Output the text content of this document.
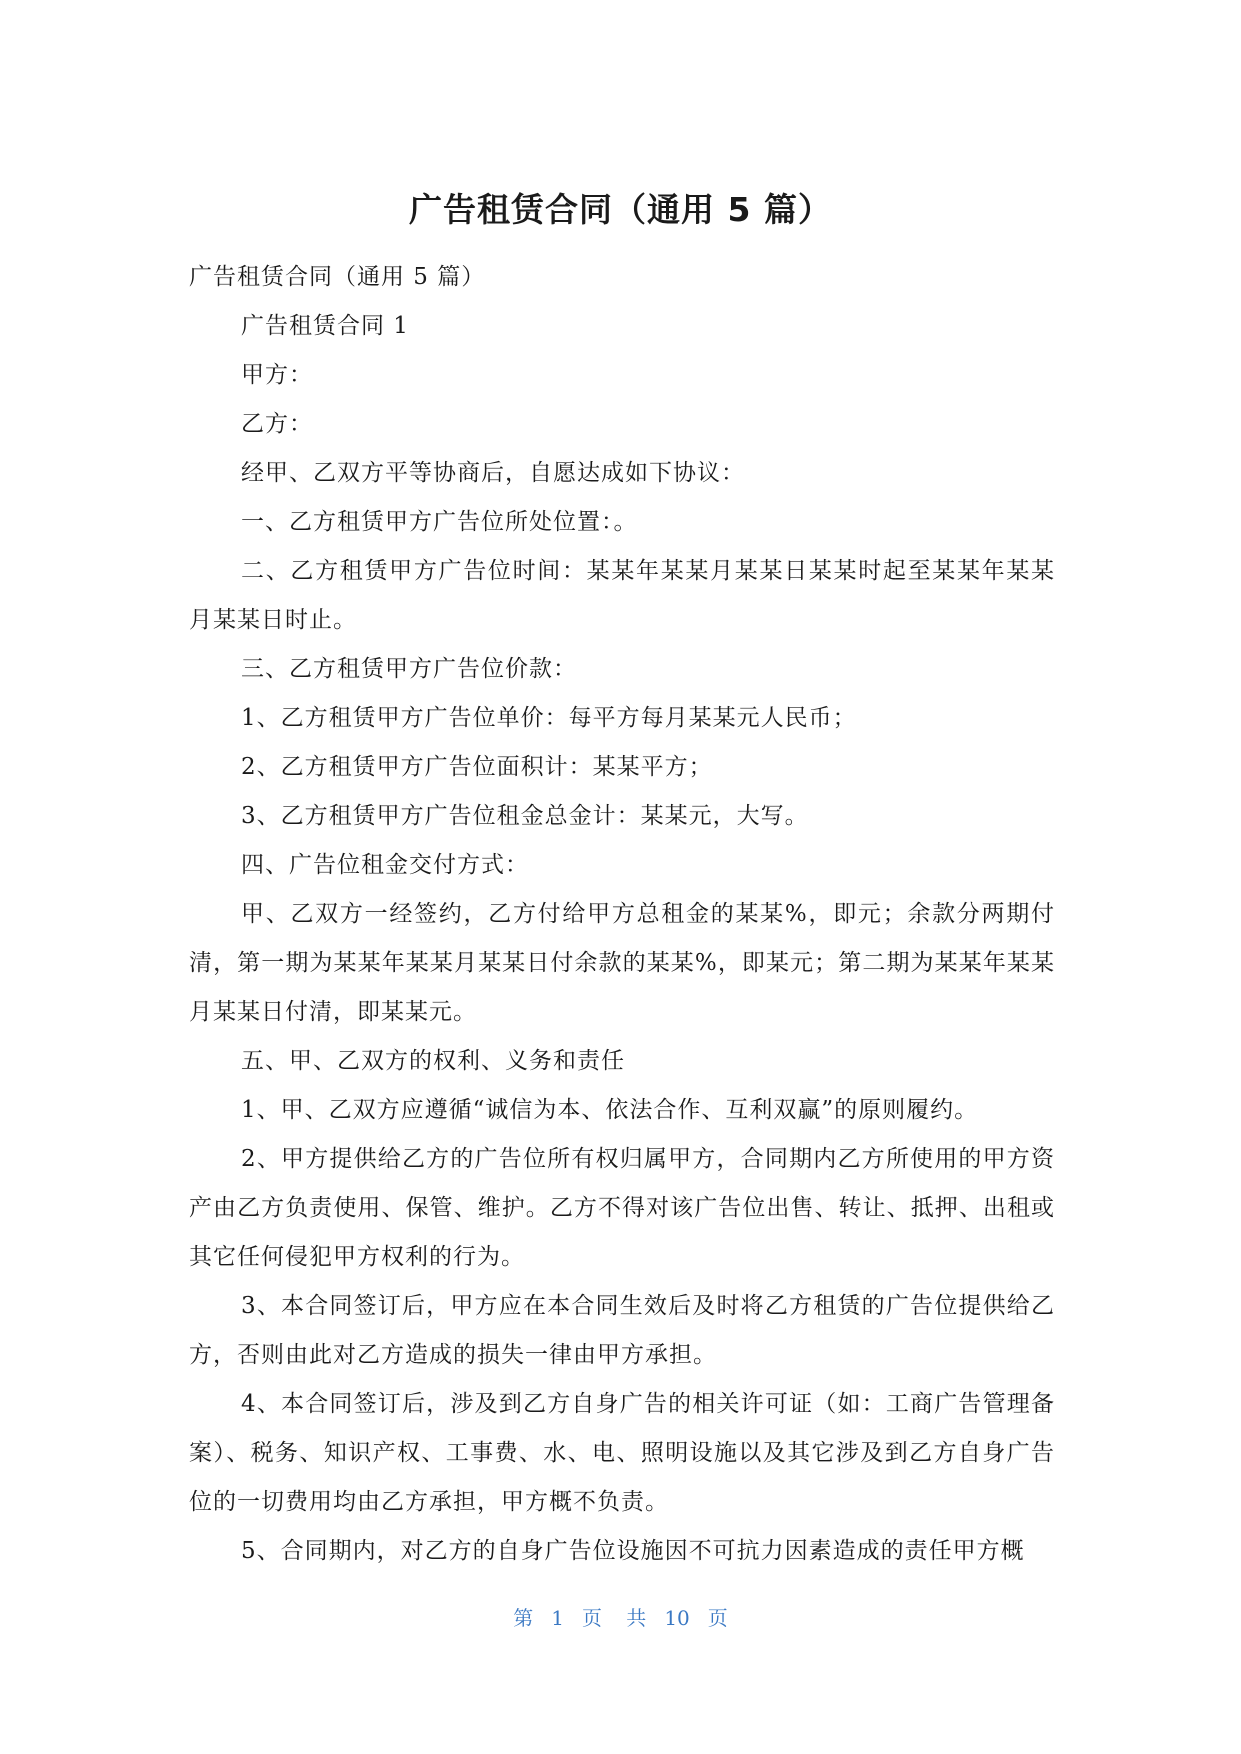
广告租赁合同（通用 5 篇）

广告租赁合同（通用 5 篇）

广告租赁合同 1

甲方：

乙方：

经甲、乙双方平等协商后，自愿达成如下协议：

一、乙方租赁甲方广告位所处位置：。

二、乙方租赁甲方广告位时间：某某年某某月某某日某某时起至某某年某某月某某日时止。

三、乙方租赁甲方广告位价款：

1、乙方租赁甲方广告位单价：每平方每月某某元人民币；

2、乙方租赁甲方广告位面积计：某某平方；

3、乙方租赁甲方广告位租金总金计：某某元，大写。

四、广告位租金交付方式：

甲、乙双方一经签约，乙方付给甲方总租金的某某%，即元；余款分两期付清，第一期为某某年某某月某某日付余款的某某%，即某元；第二期为某某年某某月某某日付清，即某某元。

五、甲、乙双方的权利、义务和责任

1、甲、乙双方应遵循“诚信为本、依法合作、互利双赢”的原则履约。

2、甲方提供给乙方的广告位所有权归属甲方，合同期内乙方所使用的甲方资产由乙方负责使用、保管、维护。乙方不得对该广告位出售、转让、抵押、出租或其它任何侵犯甲方权利的行为。

3、本合同签订后，甲方应在本合同生效后及时将乙方租赁的广告位提供给乙方，否则由此对乙方造成的损失一律由甲方承担。

4、本合同签订后，涉及到乙方自身广告的相关许可证（如：工商广告管理备案）、税务、知识产权、工事费、水、电、照明设施以及其它涉及到乙方自身广告位的一切费用均由乙方承担，甲方概不负责。

5、合同期内，对乙方的自身广告位设施因不可抗力因素造成的责任甲方概

第 1 页 共 10 页
